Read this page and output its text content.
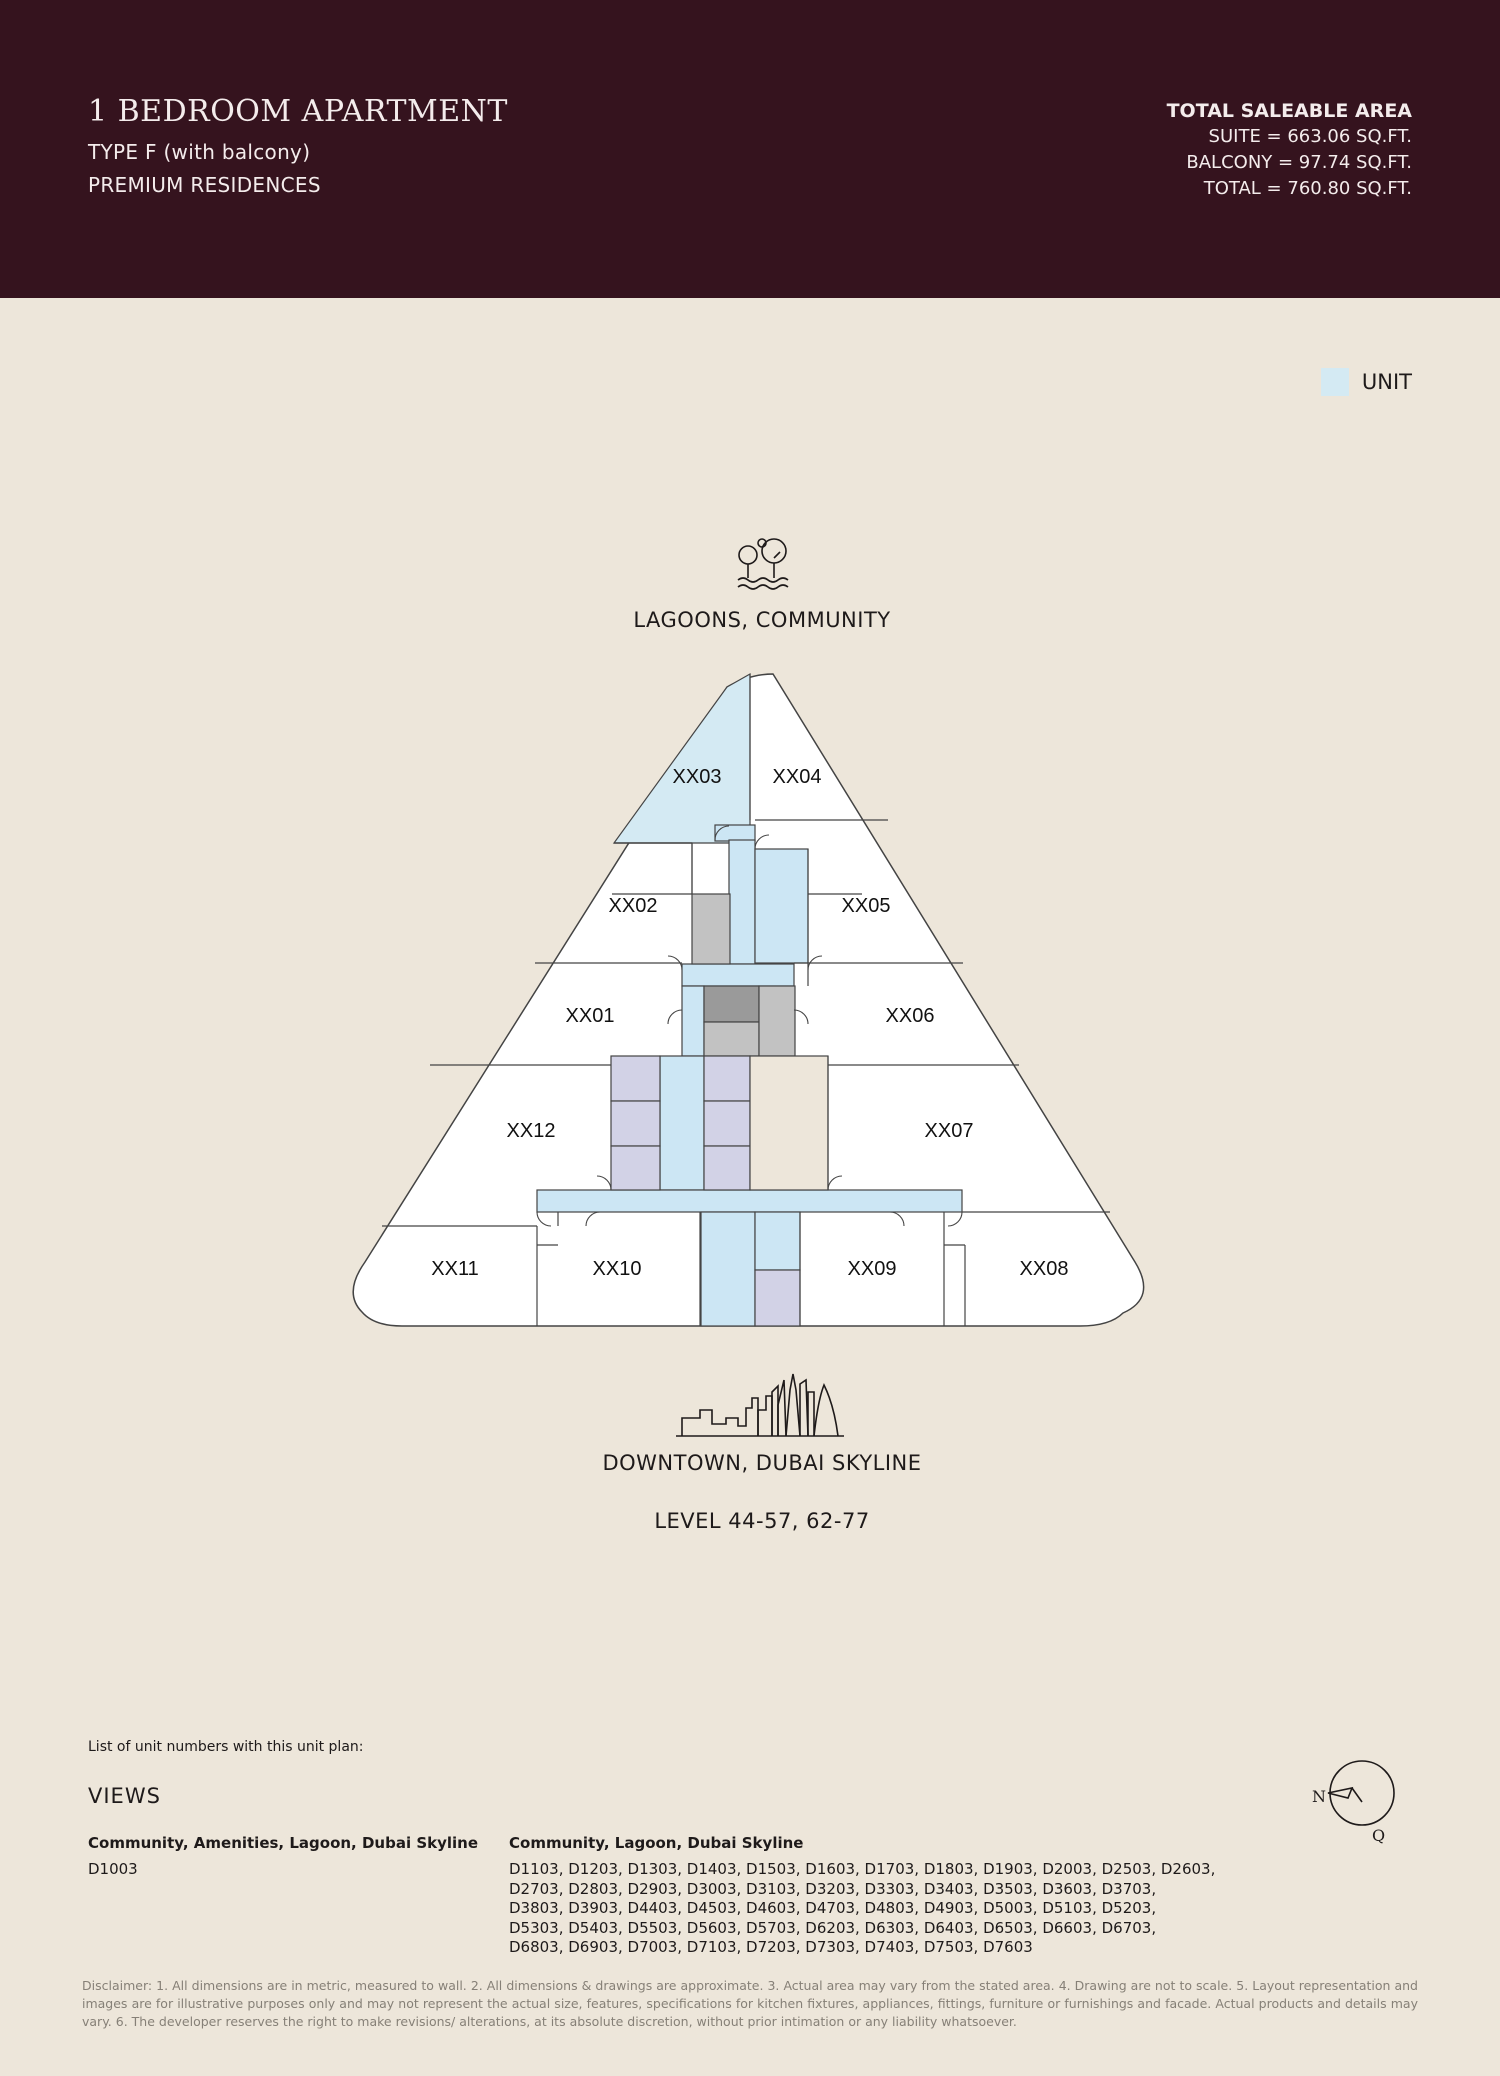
1 BEDROOM APARTMENT
TYPE F (with balcony)
PREMIUM RESIDENCES
TOTAL SALEABLE AREA
SUITE = 663.06 SQ.FT.
BALCONY = 97.74 SQ.FT.
TOTAL = 760.80 SQ.FT.
UNIT
LAGOONS, COMMUNITY
XX03	XX04
XX02	XX05
XX01	XX06
XX12	XX07
XX11	XX10	XX09	XX08
DOWNTOWN, DUBAI SKYLINE
LEVEL 44-57, 62-77
List of unit numbers with this unit plan:
VIEWS
Community, Amenities, Lagoon, Dubai Skyline
D1003
Community, Lagoon, Dubai Skyline
D1103, D1203, D1303, D1403, D1503, D1603, D1703, D1803, D1903, D2003, D2503, D2603,
D2703, D2803, D2903, D3003, D3103, D3203, D3303, D3403, D3503, D3603, D3703,
D3803, D3903, D4403, D4503, D4603, D4703, D4803, D4903, D5003, D5103, D5203,
D5303, D5403, D5503, D5603, D5703, D6203, D6303, D6403, D6503, D6603, D6703,
D6803, D6903, D7003, D7103, D7203, D7303, D7403, D7503, D7603
N
Q
Disclaimer: 1. All dimensions are in metric, measured to wall. 2. All dimensions & drawings are approximate. 3. Actual area may vary from the stated area. 4. Drawing are not to scale. 5. Layout representation and images are for illustrative purposes only and may not represent the actual size, features, specifications for kitchen fixtures, appliances, fittings, furniture or furnishings and facade. Actual products and details may vary. 6. The developer reserves the right to make revisions/ alterations, at its absolute discretion, without prior intimation or any liability whatsoever.
